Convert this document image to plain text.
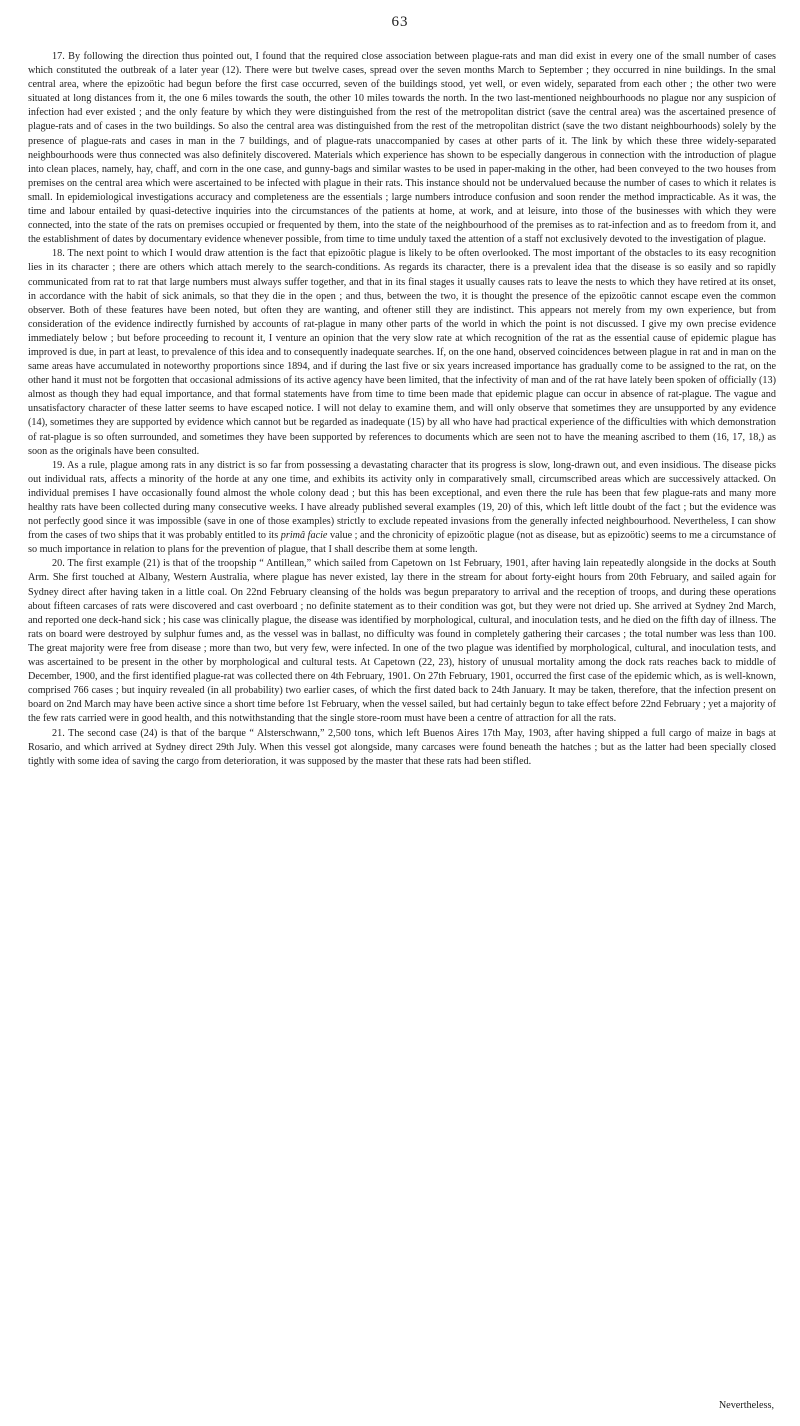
63

17. By following the direction thus pointed out, I found that the required close association between plague-rats and man did exist in every one of the small number of cases which constituted the outbreak of a later year (12). There were but twelve cases, spread over the seven months March to September ; they occurred in nine buildings. In the smal central area, where the epizoötic had begun before the first case occurred, seven of the buildings stood, yet well, or even widely, separated from each other ; the other two were situated at long distances from it, the one 6 miles towards the south, the other 10 miles towards the north. In the two last-mentioned neighbourhoods no plague nor any suspicion of infection had ever existed ; and the only feature by which they were distinguished from the rest of the metropolitan district (save the central area) was the ascertained presence of plague-rats and of cases in the two buildings. So also the central area was distinguished from the rest of the metropolitan district (save the two distant neighbourhoods) solely by the presence of plague-rats and cases in man in the 7 buildings, and of plague-rats unaccompanied by cases at other parts of it. The link by which these three widely-separated neighbourhoods were thus connected was also definitely discovered. Materials which experience has shown to be especially dangerous in connection with the introduction of plague into clean places, namely, hay, chaff, and corn in the one case, and gunny-bags and similar wastes to be used in paper-making in the other, had been conveyed to the two houses from premises on the central area which were ascertained to be infected with plague in their rats. This instance should not be undervalued because the number of cases to which it relates is small. In epidemiological investigations accuracy and completeness are the essentials ; large numbers introduce confusion and soon render the method impracticable. As it was, the time and labour entailed by quasi-detective inquiries into the circumstances of the patients at home, at work, and at leisure, into those of the businesses with which they were connected, into the state of the rats on premises occupied or frequented by them, into the state of the neighbourhood of the premises as to rat-infection and as to freedom from it, and the establishment of dates by documentary evidence whenever possible, from time to time unduly taxed the attention of a staff not exclusively devoted to the investigation of plague.

18. The next point to which I would draw attention is the fact that epizoötic plague is likely to be often overlooked. The most important of the obstacles to its easy recognition lies in its character ; there are others which attach merely to the search-conditions. As regards its character, there is a prevalent idea that the disease is so easily and so rapidly communicated from rat to rat that large numbers must always suffer together, and that in its final stages it usually causes rats to leave the nests to which they have retired at its onset, in accordance with the habit of sick animals, so that they die in the open ; and thus, between the two, it is thought the presence of the epizoötic cannot escape even the common observer. Both of these features have been noted, but often they are wanting, and oftener still they are indistinct. This appears not merely from my own experience, but from consideration of the evidence indirectly furnished by accounts of rat-plague in many other parts of the world in which the point is not discussed. I give my own precise evidence immediately below ; but before proceeding to recount it, I venture an opinion that the very slow rate at which recognition of the rat as the essential cause of epidemic plague has improved is due, in part at least, to prevalence of this idea and to consequently inadequate searches. If, on the one hand, observed coincidences between plague in rat and in man on the same areas have accumulated in noteworthy proportions since 1894, and if during the last five or six years increased importance has gradually come to be assigned to the rat, on the other hand it must not be forgotten that occasional admissions of its active agency have been limited, that the infectivity of man and of the rat have lately been spoken of officially (13) almost as though they had equal importance, and that formal statements have from time to time been made that epidemic plague can occur in absence of rat-plague. The vague and unsatisfactory character of these latter seems to have escaped notice. I will not delay to examine them, and will only observe that sometimes they are unsupported by any evidence (14), sometimes they are supported by evidence which cannot but be regarded as inadequate (15) by all who have had practical experience of the difficulties with which demonstration of rat-plague is so often surrounded, and sometimes they have been supported by references to documents which are seen not to have the meaning ascribed to them (16, 17, 18,) as soon as the originals have been consulted.

19. As a rule, plague among rats in any district is so far from possessing a devastating character that its progress is slow, long-drawn out, and even insidious. The disease picks out individual rats, affects a minority of the horde at any one time, and exhibits its activity only in comparatively small, circumscribed areas which are successively attacked. On individual premises I have occasionally found almost the whole colony dead ; but this has been exceptional, and even there the rule has been that few plague-rats and many more healthy rats have been collected during many consecutive weeks. I have already published several examples (19, 20) of this, which left little doubt of the fact ; but the evidence was not perfectly good since it was impossible (save in one of those examples) strictly to exclude repeated invasions from the generally infected neighbourhood. Nevertheless, I can show from the cases of two ships that it was probably entitled to its primâ facie value ; and the chronicity of epizoötic plague (not as disease, but as epizoötic) seems to me a circumstance of so much importance in relation to plans for the prevention of plague, that I shall describe them at some length.

20. The first example (21) is that of the troopship “ Antillean,” which sailed from Capetown on 1st February, 1901, after having lain repeatedly alongside in the docks at South Arm. She first touched at Albany, Western Australia, where plague has never existed, lay there in the stream for about forty-eight hours from 20th February, and sailed again for Sydney direct after having taken in a little coal. On 22nd February cleansing of the holds was begun preparatory to arrival and the reception of troops, and during these operations about fifteen carcases of rats were discovered and cast overboard ; no definite statement as to their condition was got, but they were not dried up. She arrived at Sydney 2nd March, and reported one deck-hand sick ; his case was clinically plague, the disease was identified by morphological, cultural, and inoculation tests, and he died on the fifth day of illness. The rats on board were destroyed by sulphur fumes and, as the vessel was in ballast, no difficulty was found in completely gathering their carcases ; the total number was less than 100. The great majority were free from disease ; more than two, but very few, were infected. In one of the two plague was identified by morphological, cultural, and inoculation tests, and was ascertained to be present in the other by morphological and cultural tests. At Capetown (22, 23), history of unusual mortality among the dock rats reaches back to middle of December, 1900, and the first identified plague-rat was collected there on 4th February, 1901. On 27th February, 1901, occurred the first case of the epidemic which, as is well-known, comprised 766 cases ; but inquiry revealed (in all probability) two earlier cases, of which the first dated back to 24th January. It may be taken, therefore, that the infection present on board on 2nd March may have been active since a short time before 1st February, when the vessel sailed, but had certainly begun to take effect before 22nd February ; yet a majority of the few rats carried were in good health, and this notwithstanding that the single store-room must have been a centre of attraction for all the rats.

21. The second case (24) is that of the barque “ Alsterschwann,” 2,500 tons, which left Buenos Aires 17th May, 1903, after having shipped a full cargo of maize in bags at Rosario, and which arrived at Sydney direct 29th July. When this vessel got alongside, many carcases were found beneath the hatches ; but as the latter had been specially closed tightly with some idea of saving the cargo from deterioration, it was supposed by the master that these rats had been stifled.

Nevertheless,
